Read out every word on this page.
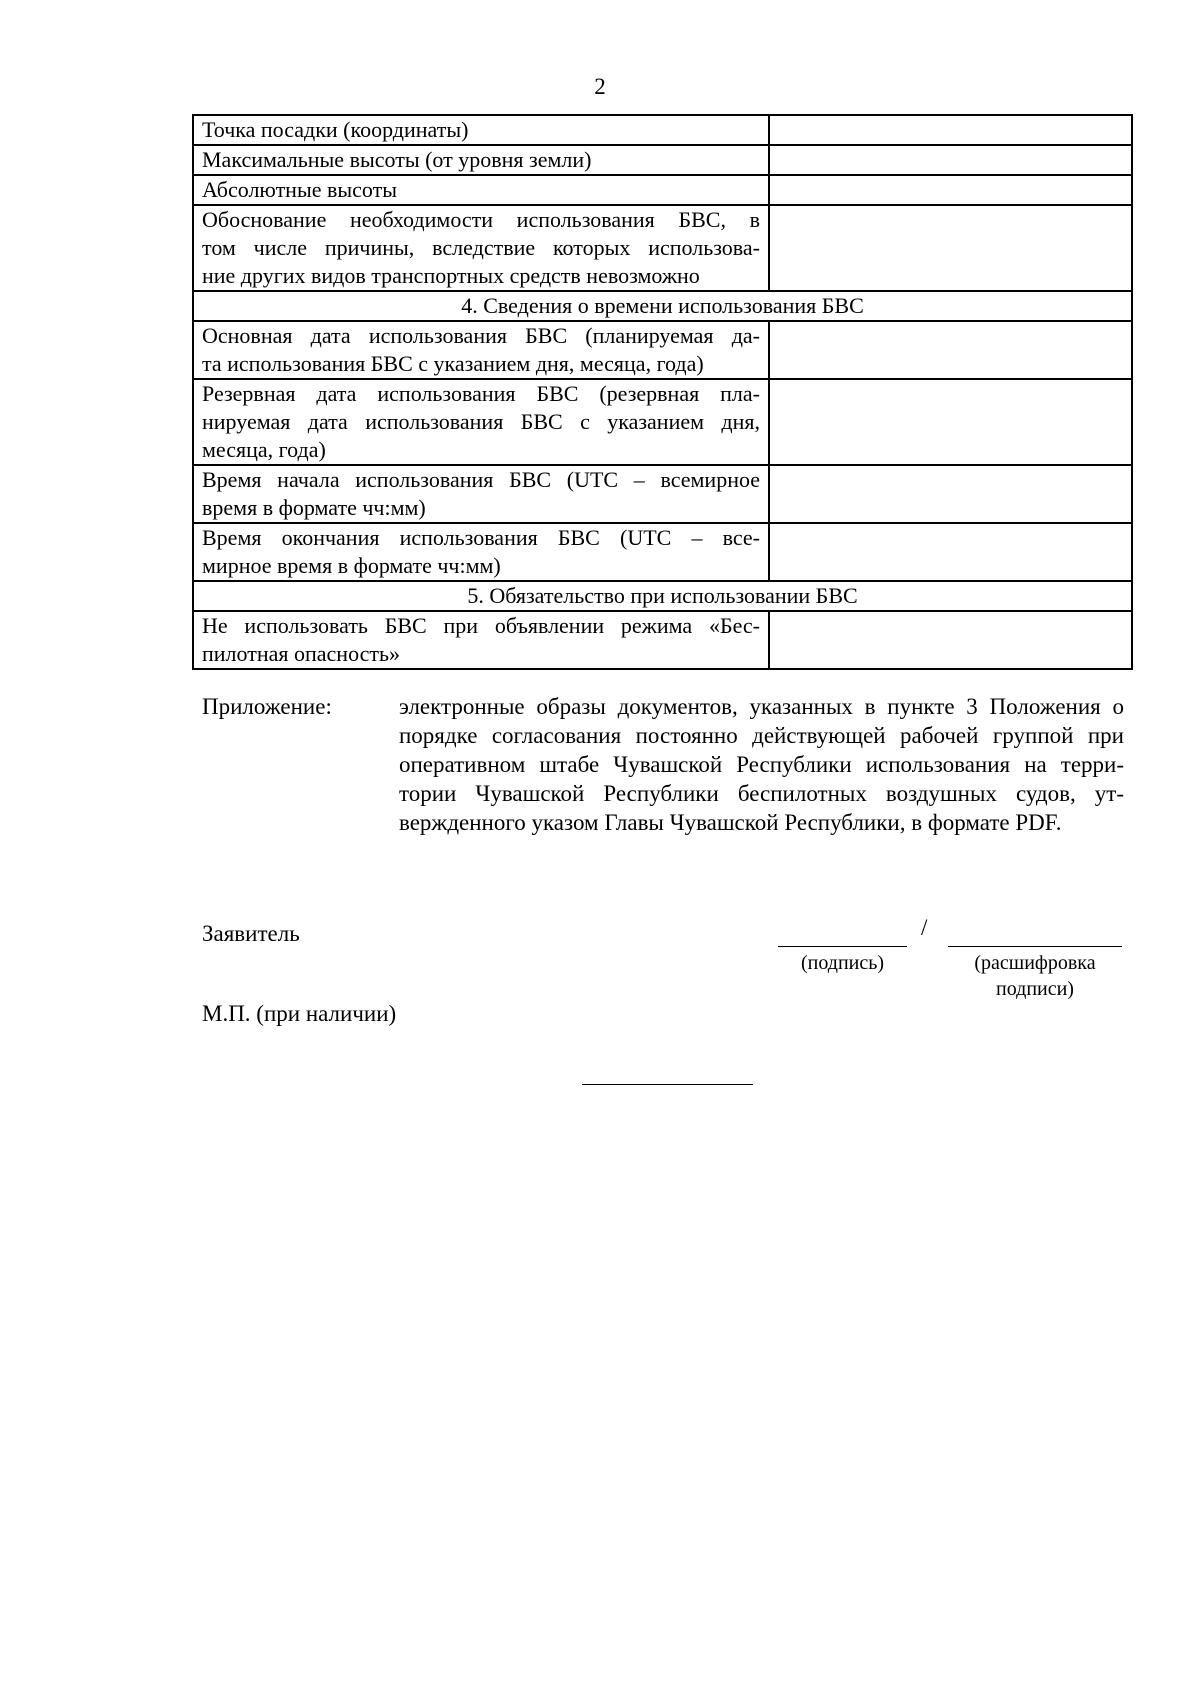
2
Точка посадки (координаты)	

Максимальные высоты (от уровня земли)	

Абсолютные высоты	

Обоснование необходимости использования БВС, в
том числе причины, вследствие которых использова-
ние других видов транспортных средств невозможно	

4. Сведения о времени использования БВС	

Основная дата использования БВС (планируемая да-
та использования БВС с указанием дня, месяца, года)	

Резервная дата использования БВС (резервная пла-
нируемая дата использования БВС с указанием дня,
месяца, года)	

Время начала использования БВС (UTC – всемирное
время в формате чч:мм)	

Время окончания использования БВС (UTC – все-
мирное время в формате чч:мм)	

5. Обязательство при использовании БВС	

Не использовать БВС при объявлении режима «Бес-
пилотная опасность»	

Приложение:	электронные образы документов, указанных в пункте 3 Положения о
порядке согласования постоянно действующей рабочей группой при
оперативном штабе Чувашской Республики использования на терри-
тории Чувашской Республики беспилотных воздушных судов, ут-
вержденного указом Главы Чувашской Республики, в формате PDF.
Заявитель	/
(подпись)	(расшифровка
подписи)
М.П. (при наличии)
